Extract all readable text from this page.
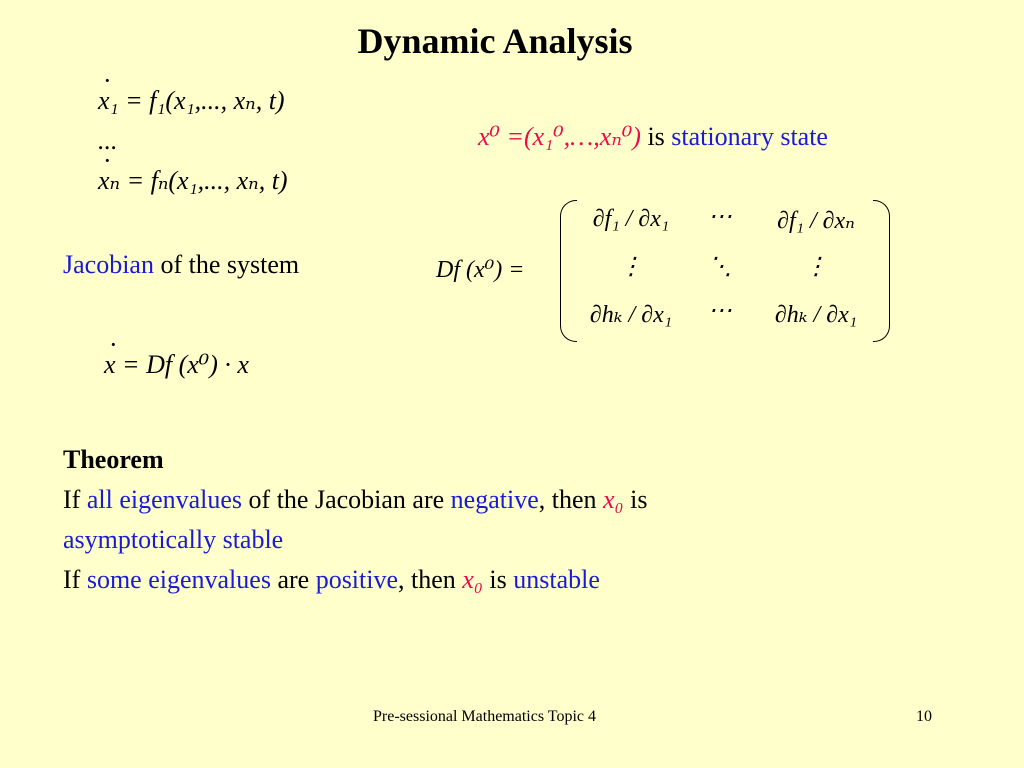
Dynamic Analysis
· x₁ = f₁(x₁,..., xₙ, t)
...
· xₙ = fₙ(x₁,..., xₙ, t)
x⁰ =(x₁⁰,…,xₙ⁰) is stationary state
Jacobian of the system	Df (x⁰) =
∂f₁ / ∂x₁	⋯	∂f₁ / ∂xₙ
⋮	⋱	⋮
∂hₖ / ∂x₁	⋯	∂hₖ / ∂x₁
· x = Df (x⁰) · x
Theorem
If all eigenvalues of the Jacobian are negative, then x₀ is
asymptotically stable
If some eigenvalues are positive, then x₀ is unstable
Pre-sessional Mathematics Topic 4	10
